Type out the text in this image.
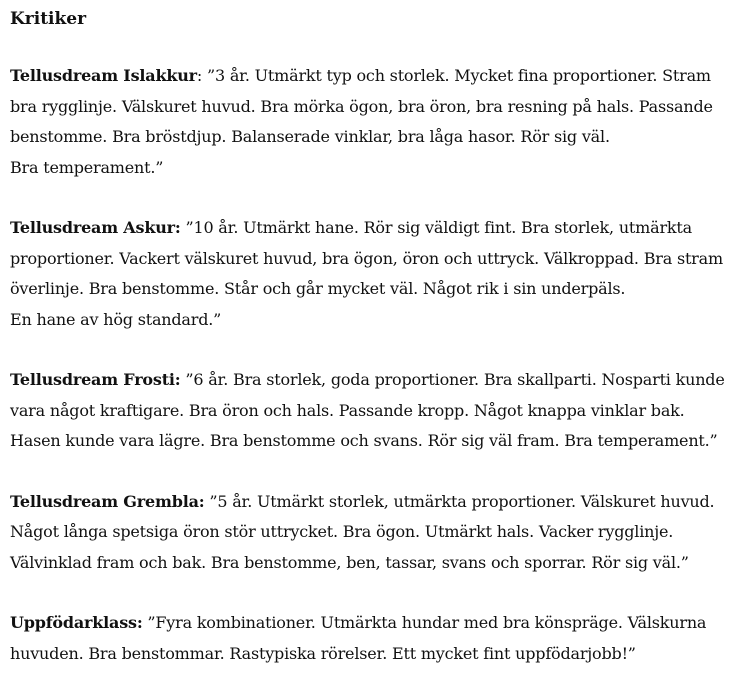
Kritiker
Tellusdream Islakkur: ”3 år. Utmärkt typ och storlek. Mycket fina proportioner. Stram
bra rygglinje. Välskuret huvud. Bra mörka ögon, bra öron, bra resning på hals. Passande
benstomme. Bra bröstdjup. Balanserade vinklar, bra låga hasor. Rör sig väl.
Bra temperament.”
Tellusdream Askur: ”10 år. Utmärkt hane. Rör sig väldigt fint. Bra storlek, utmärkta
proportioner. Vackert välskuret huvud, bra ögon, öron och uttryck. Välkroppad. Bra stram
överlinje. Bra benstomme. Står och går mycket väl. Något rik i sin underpäls.
En hane av hög standard.”
Tellusdream Frosti: ”6 år. Bra storlek, goda proportioner. Bra skallparti. Nosparti kunde
vara något kraftigare. Bra öron och hals. Passande kropp. Något knappa vinklar bak.
Hasen kunde vara lägre. Bra benstomme och svans. Rör sig väl fram. Bra temperament.”
Tellusdream Grembla: ”5 år. Utmärkt storlek, utmärkta proportioner. Välskuret huvud.
Något långa spetsiga öron stör uttrycket. Bra ögon. Utmärkt hals. Vacker rygglinje.
Välvinklad fram och bak. Bra benstomme, ben, tassar, svans och sporrar. Rör sig väl.”
Uppfödarklass: ”Fyra kombinationer. Utmärkta hundar med bra könspräge. Välskurna
huvuden. Bra benstommar. Rastypiska rörelser. Ett mycket fint uppfödarjobb!”
